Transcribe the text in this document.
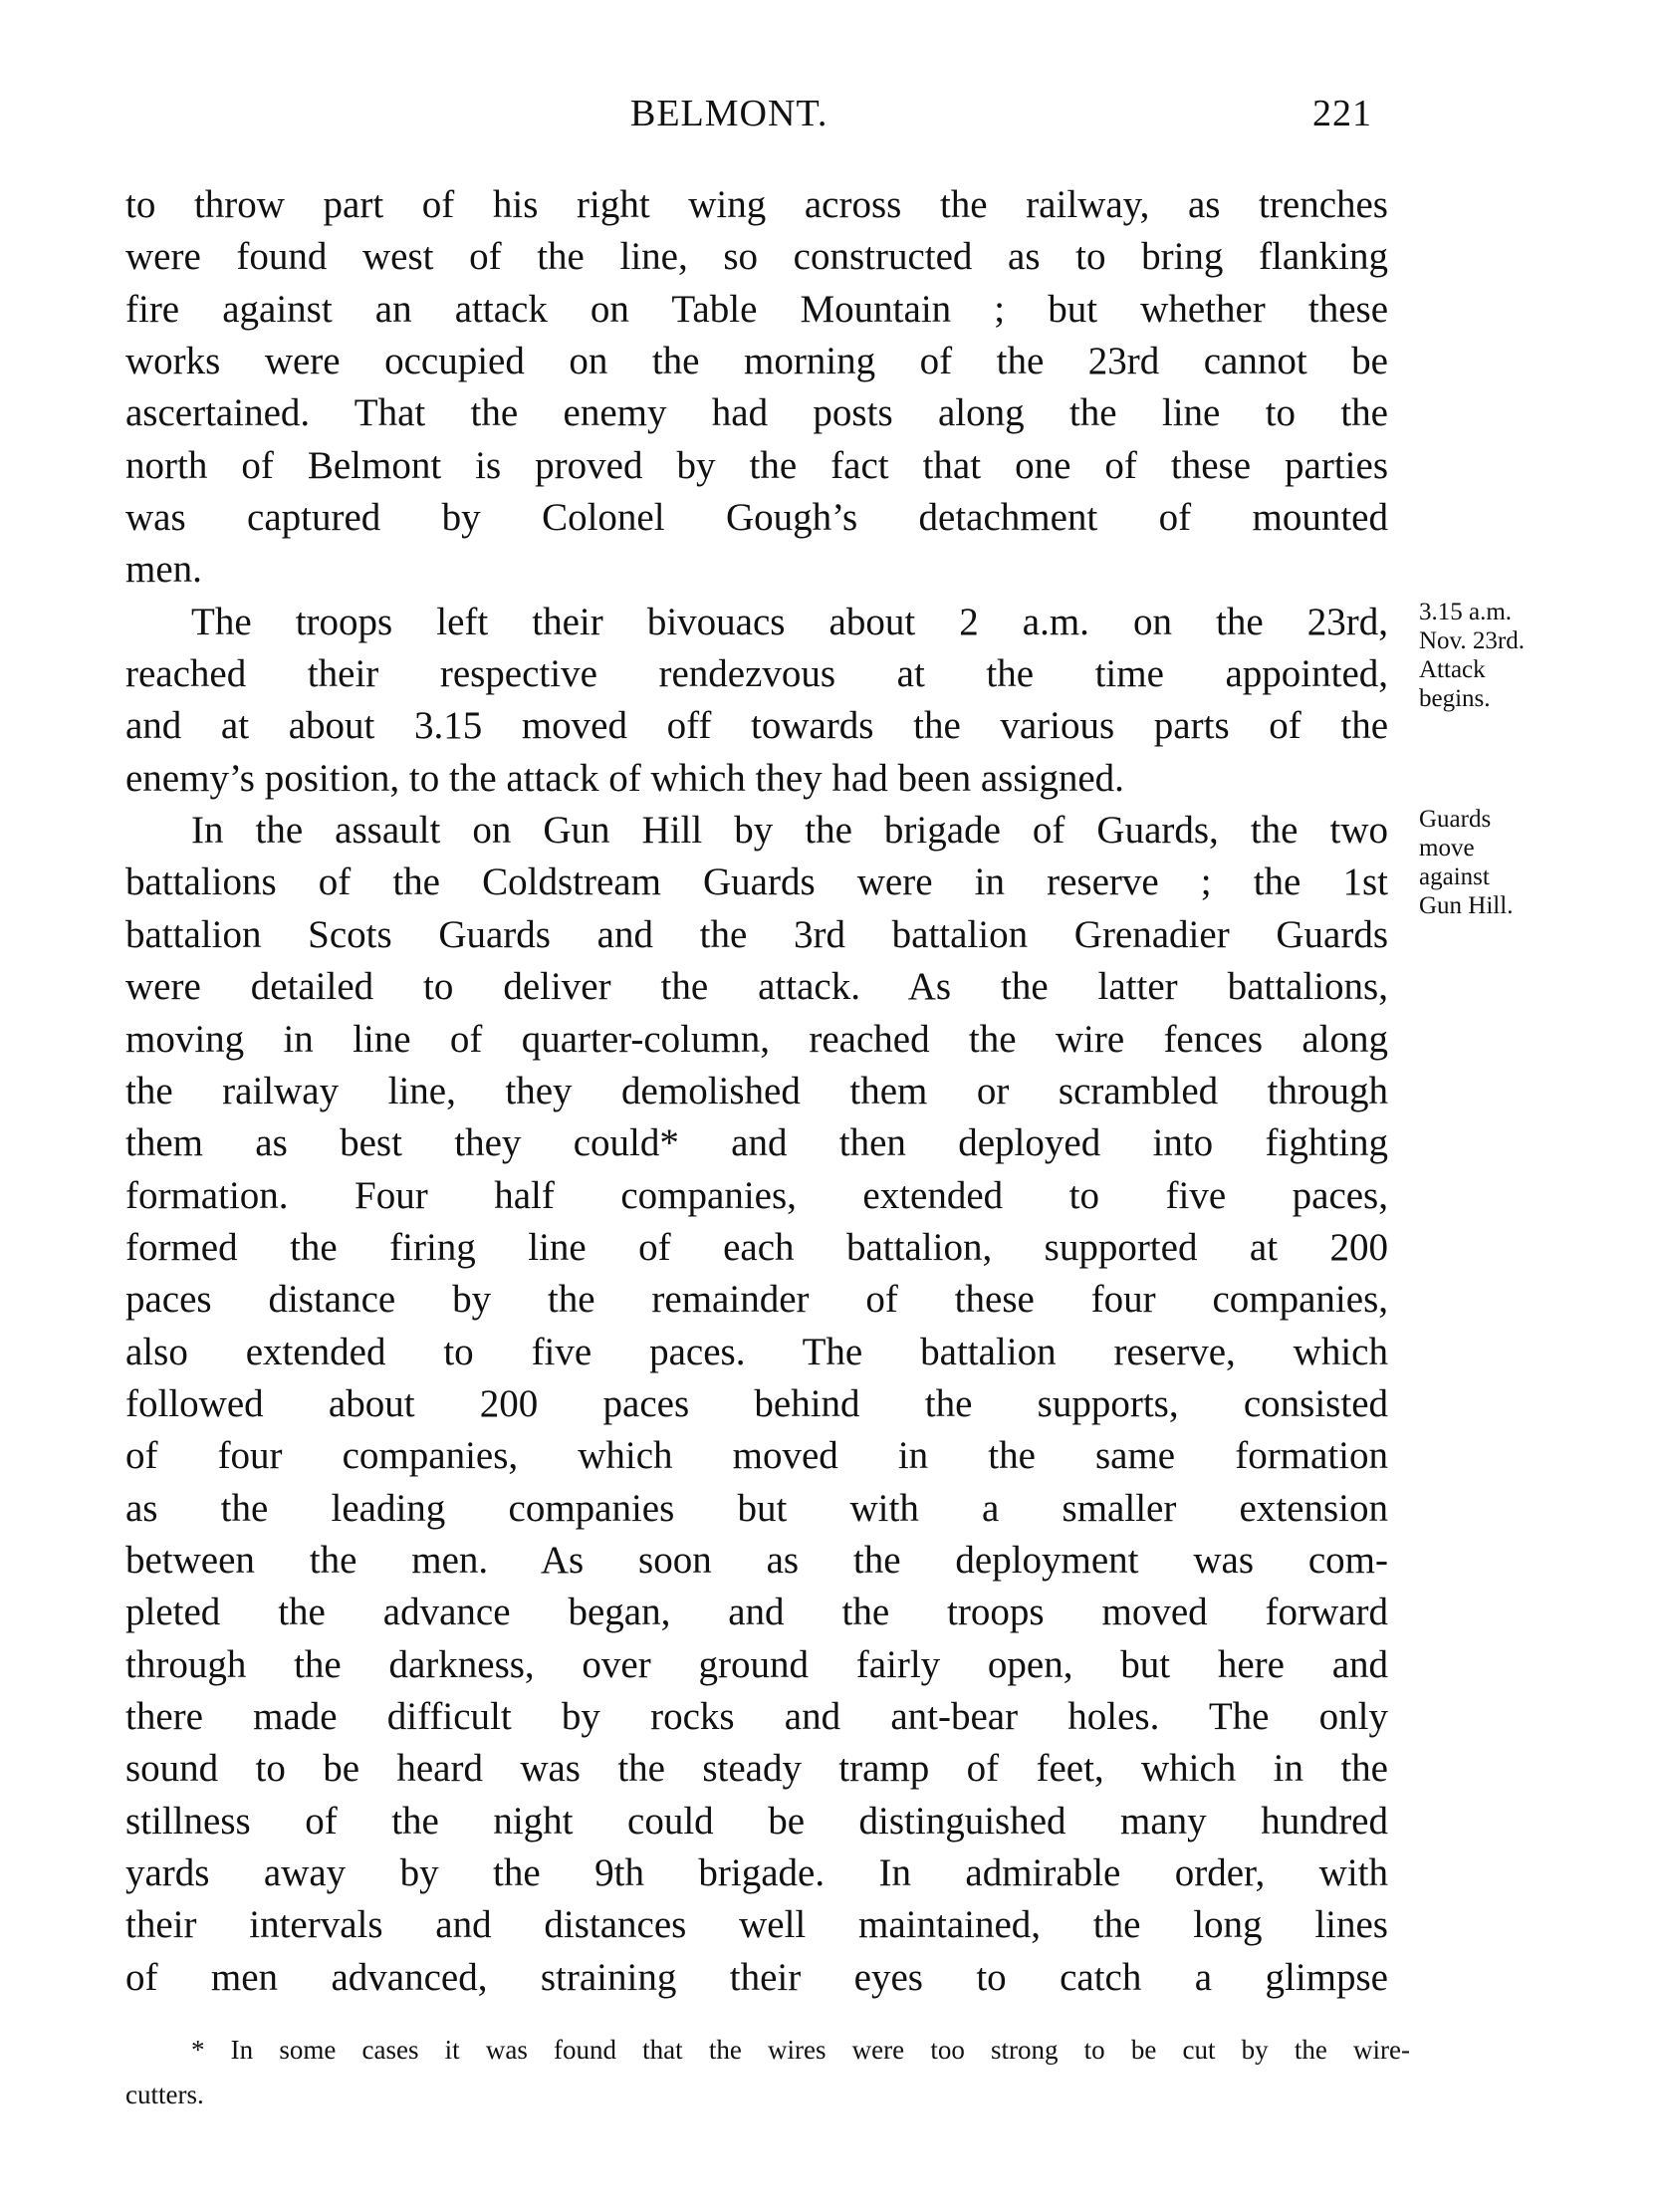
BELMONT.	221
to throw part of his right wing across the railway, as trenches
were found west of the line, so constructed as to bring flanking
fire against an attack on Table Mountain ; but whether these
works were occupied on the morning of the 23rd cannot be
ascertained. That the enemy had posts along the line to the
north of Belmont is proved by the fact that one of these parties
was captured by Colonel Gough’s detachment of mounted
men.
The troops left their bivouacs about 2 a.m. on the 23rd,
reached their respective rendezvous at the time appointed,
and at about 3.15 moved off towards the various parts of the
enemy’s position, to the attack of which they had been assigned.
In the assault on Gun Hill by the brigade of Guards, the two
battalions of the Coldstream Guards were in reserve ; the 1st
battalion Scots Guards and the 3rd battalion Grenadier Guards
were detailed to deliver the attack. As the latter battalions,
moving in line of quarter-column, reached the wire fences along
the railway line, they demolished them or scrambled through
them as best they could* and then deployed into fighting
formation. Four half companies, extended to five paces,
formed the firing line of each battalion, supported at 200
paces distance by the remainder of these four companies,
also extended to five paces. The battalion reserve, which
followed about 200 paces behind the supports, consisted
of four companies, which moved in the same formation
as the leading companies but with a smaller extension
between the men. As soon as the deployment was com-
pleted the advance began, and the troops moved forward
through the darkness, over ground fairly open, but here and
there made difficult by rocks and ant-bear holes. The only
sound to be heard was the steady tramp of feet, which in the
stillness of the night could be distinguished many hundred
yards away by the 9th brigade. In admirable order, with
their intervals and distances well maintained, the long lines
of men advanced, straining their eyes to catch a glimpse
3.15 a.m.
Nov. 23rd.
Attack
begins.
Guards
move
against
Gun Hill.
* In some cases it was found that the wires were too strong to be cut by the wire-
cutters.
